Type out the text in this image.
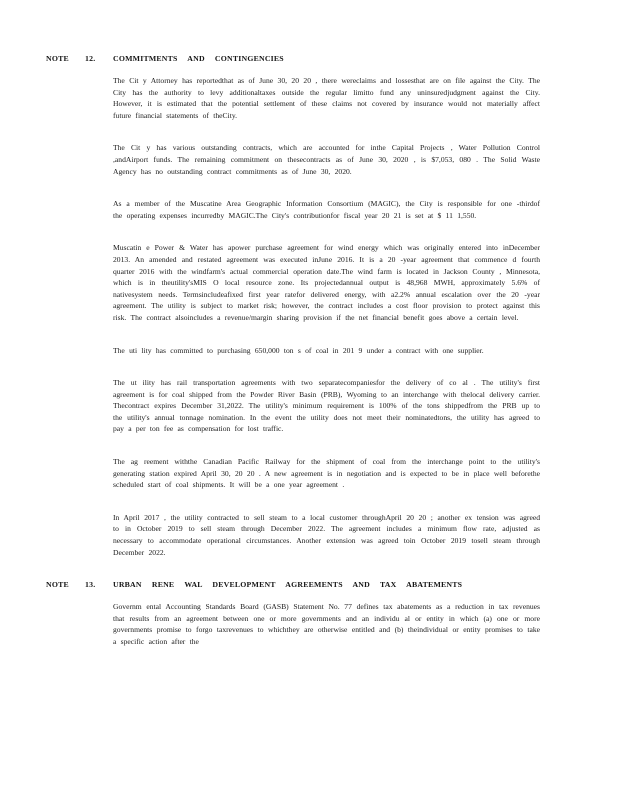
NOTE	12.	COMMITMENTS AND CONTINGENCIES

The Cit y Attorney has reportedthat as of June 30, 20 20 , there wereclaims and lossesthat are on file against the City. The City has the authority to levy additionaltaxes outside the regular limitto fund any uninsuredjudgment against the City. However, it is estimated that the potential settlement of these claims not covered by insurance would not materially affect future financial statements of theCity.

The Cit y has various outstanding contracts, which are accounted for inthe Capital Projects , Water Pollution Control ,andAirport funds. The remaining commitment on thesecontracts as of June 30, 2020 , is $7,053, 080 . The Solid Waste Agency has no outstanding contract commitments as of June 30, 2020.

As a member of the Muscatine Area Geographic Information Consortium (MAGIC), the City is responsible for one -thirdof the operating expenses incurredby MAGIC.The City's contributionfor fiscal year 20 21 is set at $ 11 1,550.

Muscatin e Power & Water has apower purchase agreement for wind energy which was originally entered into inDecember 2013. An amended and restated agreement was executed inJune 2016. It is a 20 -year agreement that commence d fourth quarter 2016 with the windfarm's actual commercial operation date.The wind farm is located in Jackson County , Minnesota, which is in theutility'sMIS O local resource zone. Its projectedannual output is 48,968 MWH, approximately 5.6% of nativesystem needs. Termsincludeafixed first year ratefor delivered energy, with a2.2% annual escalation over the 20 -year agreement. The utility is subject to market risk; however, the contract includes a cost floor provision to protect against this risk. The contract alsoincludes a revenue/margin sharing provision if the net financial benefit goes above a certain level.

The uti lity has committed to purchasing 650,000 ton s of coal in 201 9 under a contract with one supplier.

The ut ility has rail transportation agreements with two separatecompaniesfor the delivery of co al . The utility's first agreement is for coal shipped from the Powder River Basin (PRB), Wyoming to an interchange with thelocal delivery carrier. Thecontract expires December 31,2022. The utility's minimum requirement is 100% of the tons shippedfrom the PRB up to the utility's annual tonnage nomination. In the event the utility does not meet their nominatedtons, the utility has agreed to pay a per ton fee as compensation for lost traffic.

The ag reement withthe Canadian Pacific Railway for the shipment of coal from the interchange point to the utility's generating station expired April 30, 20 20 . A new agreement is in negotiation and is expected to be in place well beforethe scheduled start of coal shipments. It will be a one year agreement .

In April 2017 , the utility contracted to sell steam to a local customer throughApril 20 20 ; another ex tension was agreed to in October 2019 to sell steam through December 2022. The agreement includes a minimum flow rate, adjusted as necessary to accommodate operational circumstances. Another extension was agreed toin October 2019 tosell steam through December 2022.

NOTE	13.	URBAN RENE WAL DEVELOPMENT AGREEMENTS AND TAX ABATEMENTS

Governm ental Accounting Standards Board (GASB) Statement No. 77 defines tax abatements as a reduction in tax revenues that results from an agreement between one or more governments and an individu al or entity in which (a) one or more governments promise to forgo taxrevenues to whichthey are otherwise entitled and (b) theindividual or entity promises to take a specific action after the
